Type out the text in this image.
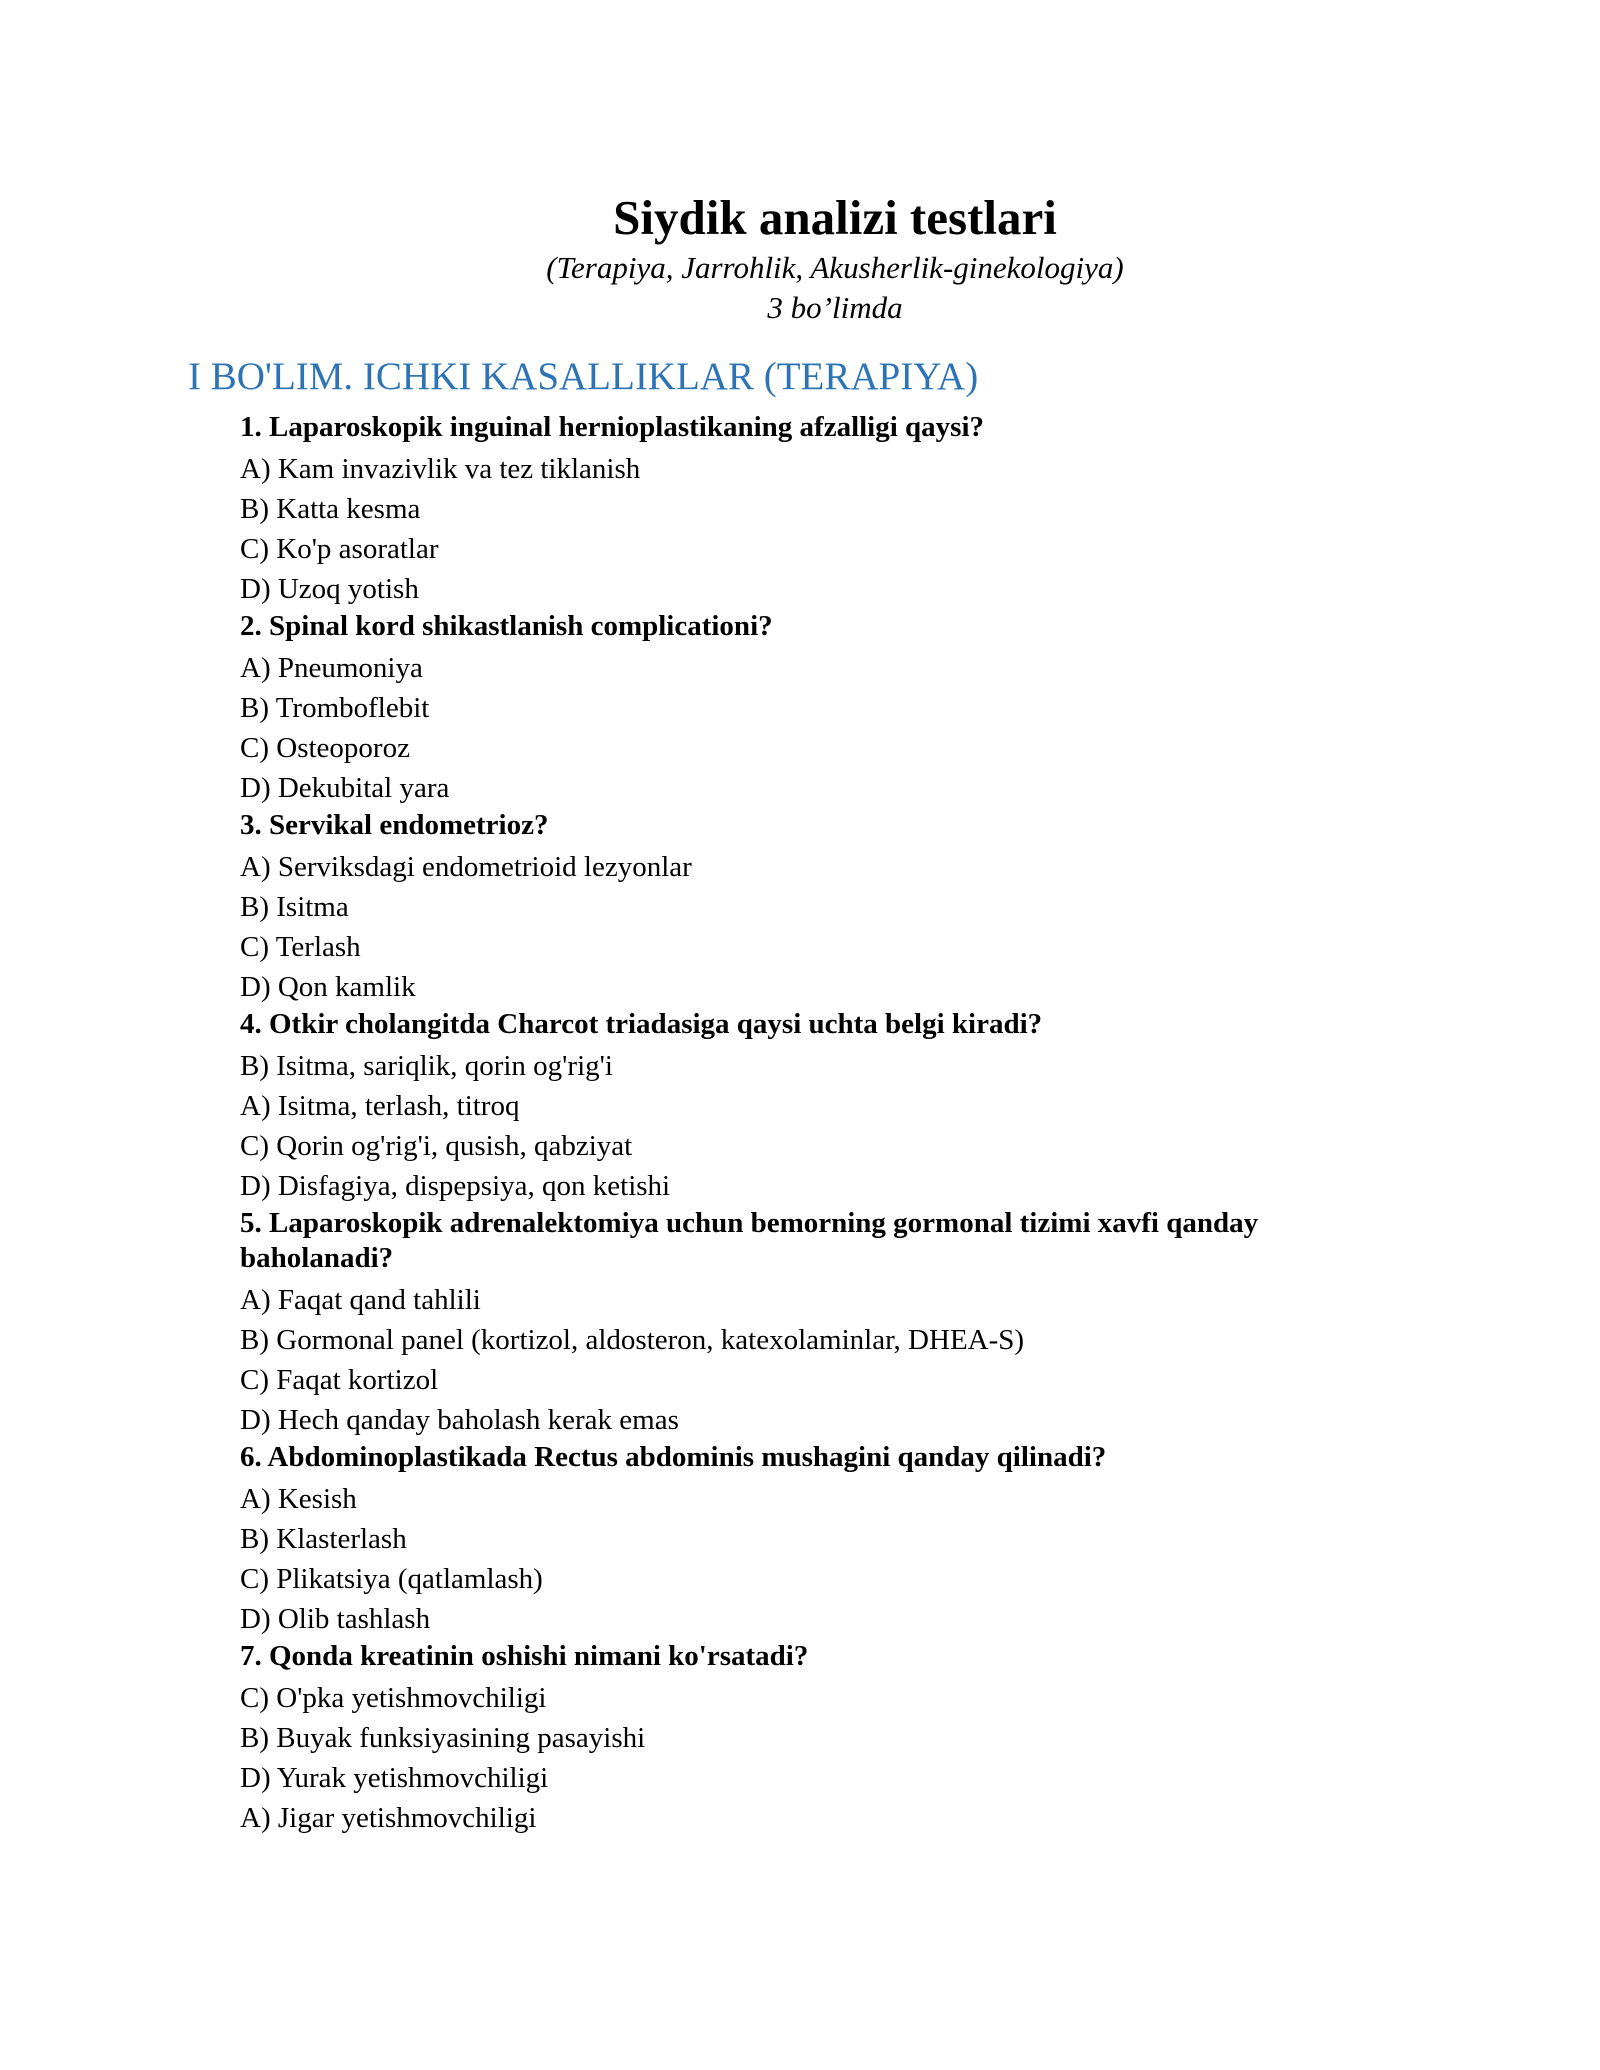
Siydik analizi testlari
(Terapiya, Jarrohlik, Akusherlik-ginekologiya)
3 bo’limda
I BO'LIM. ICHKI KASALLIKLAR (TERAPIYA)

1. Laparoskopik inguinal hernioplastikaning afzalligi qaysi?

A) Kam invazivlik va tez tiklanish

B) Katta kesma

C) Ko'p asoratlar

D) Uzoq yotish

2. Spinal kord shikastlanish complicationi?

A) Pneumoniya

B) Tromboflebit

C) Osteoporoz

D) Dekubital yara

3. Servikal endometrioz?

A) Serviksdagi endometrioid lezyonlar

B) Isitma

C) Terlash

D) Qon kamlik

4. Otkir cholangitda Charcot triadasiga qaysi uchta belgi kiradi?

B) Isitma, sariqlik, qorin og'rig'i

A) Isitma, terlash, titroq

C) Qorin og'rig'i, qusish, qabziyat

D) Disfagiya, dispepsiya, qon ketishi

5. Laparoskopik adrenalektomiya uchun bemorning gormonal tizimi xavfi qanday baholanadi?

A) Faqat qand tahlili

B) Gormonal panel (kortizol, aldosteron, katexolaminlar, DHEA-S)

C) Faqat kortizol

D) Hech qanday baholash kerak emas

6. Abdominoplastikada Rectus abdominis mushagini qanday qilinadi?

A) Kesish

B) Klasterlash

C) Plikatsiya (qatlamlash)

D) Olib tashlash

7. Qonda kreatinin oshishi nimani ko'rsatadi?

C) O'pka yetishmovchiligi

B) Buyak funksiyasining pasayishi

D) Yurak yetishmovchiligi

A) Jigar yetishmovchiligi
